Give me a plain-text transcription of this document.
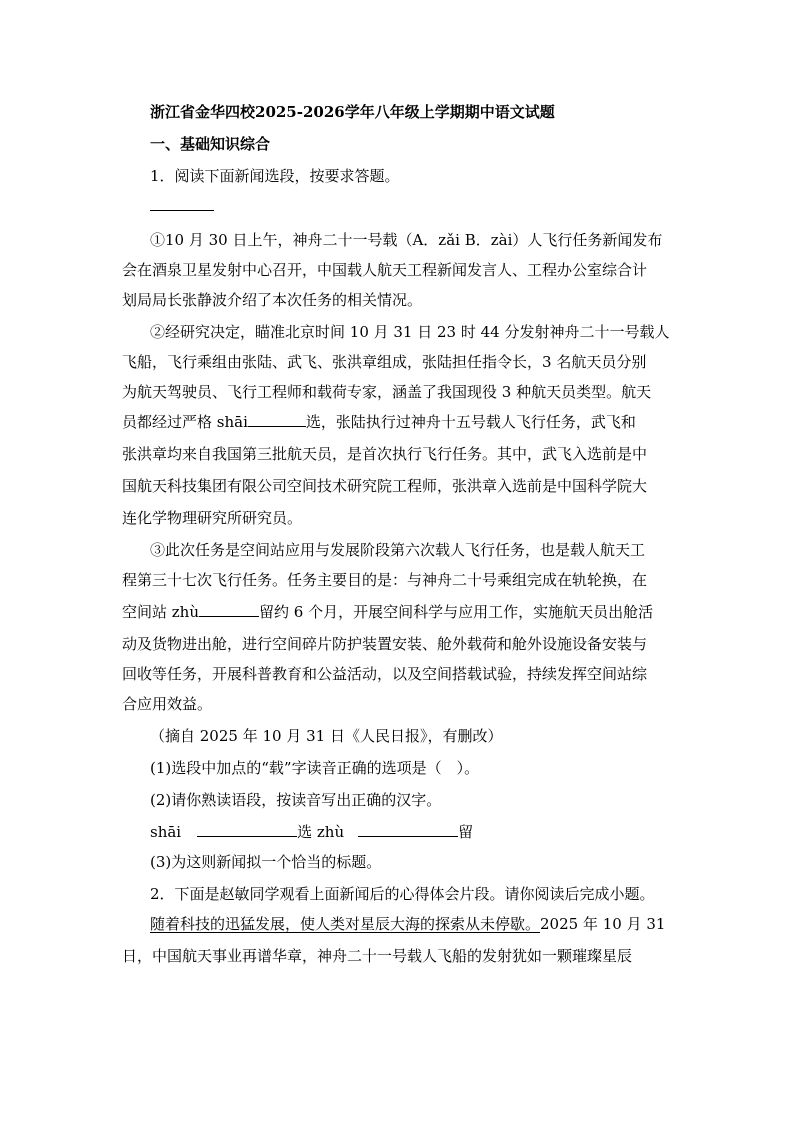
浙江省金华四校2025-2026学年八年级上学期期中语文试题
一、基础知识综合
1．阅读下面新闻选段，按要求答题。
①10 月 30 日上午，神舟二十一号载（A．zǎi B．zài）人飞行任务新闻发布
会在酒泉卫星发射中心召开，中国载人航天工程新闻发言人、工程办公室综合计
划局局长张静波介绍了本次任务的相关情况。
②经研究决定，瞄准北京时间 10 月 31 日 23 时 44 分发射神舟二十一号载人
飞船，飞行乘组由张陆、武飞、张洪章组成，张陆担任指令长，3 名航天员分别
为航天驾驶员、飞行工程师和载荷专家，涵盖了我国现役 3 种航天员类型。航天
员都经过严格 shāi	选，张陆执行过神舟十五号载人飞行任务，武飞和
张洪章均来自我国第三批航天员，是首次执行飞行任务。其中，武飞入选前是中
国航天科技集团有限公司空间技术研究院工程师，张洪章入选前是中国科学院大
连化学物理研究所研究员。
③此次任务是空间站应用与发展阶段第六次载人飞行任务，也是载人航天工
程第三十七次飞行任务。任务主要目的是：与神舟二十号乘组完成在轨轮换，在
空间站 zhù	留约 6 个月，开展空间科学与应用工作，实施航天员出舱活
动及货物进出舱，进行空间碎片防护装置安装、舱外载荷和舱外设施设备安装与
回收等任务，开展科普教育和公益活动，以及空间搭载试验，持续发挥空间站综
合应用效益。
（摘自 2025 年 10 月 31 日《人民日报》，有删改）
(1)选段中加点的“载”字读音正确的选项是（　）。
(2)请你熟读语段，按读音写出正确的汉字。
shāi	选 zhù	留
(3)为这则新闻拟一个恰当的标题。
2．下面是赵敏同学观看上面新闻后的心得体会片段。请你阅读后完成小题。
随着科技的迅猛发展，使人类对星辰大海的探索从未停歇。2025 年 10 月 31
日，中国航天事业再谱华章，神舟二十一号载人飞船的发射犹如一颗璀璨星辰
